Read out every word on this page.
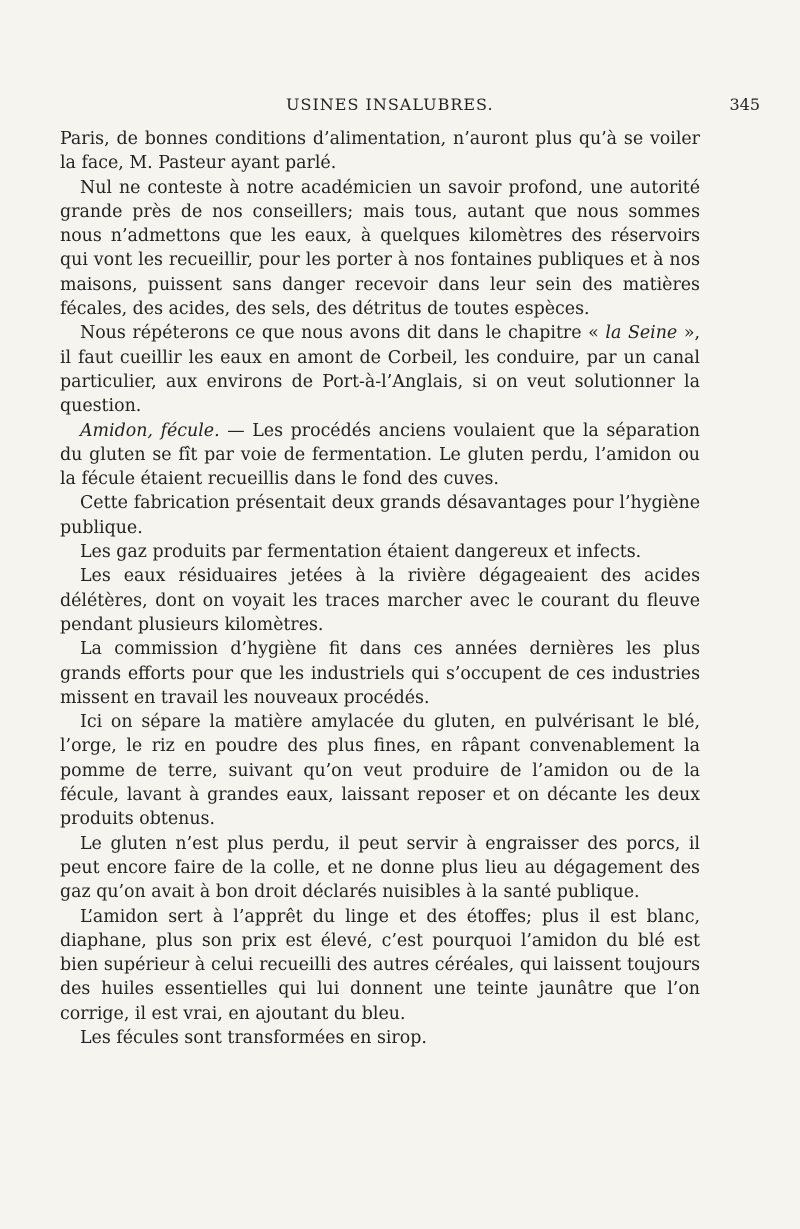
USINES INSALUBRES.	345

Paris, de bonnes conditions d’alimentation, n’auront plus qu’à se voiler la face, M. Pasteur ayant parlé.

Nul ne conteste à notre académicien un savoir profond, une autorité grande près de nos conseillers; mais tous, autant que nous sommes nous n’admettons que les eaux, à quelques kilomètres des réservoirs qui vont les recueillir, pour les porter à nos fontaines publiques et à nos maisons, puissent sans danger recevoir dans leur sein des matières fécales, des acides, des sels, des détritus de toutes espèces.

Nous répéterons ce que nous avons dit dans le chapitre « la Seine », il faut cueillir les eaux en amont de Corbeil, les conduire, par un canal particulier, aux environs de Port-à-l’Anglais, si on veut solutionner la question.

Amidon, fécule. — Les procédés anciens voulaient que la séparation du gluten se fît par voie de fermentation. Le gluten perdu, l’amidon ou la fécule étaient recueillis dans le fond des cuves.

Cette fabrication présentait deux grands désavantages pour l’hygiène publique.

Les gaz produits par fermentation étaient dangereux et infects.

Les eaux résiduaires jetées à la rivière dégageaient des acides délétères, dont on voyait les traces marcher avec le courant du fleuve pendant plusieurs kilomètres.

La commission d’hygiène fit dans ces années dernières les plus grands efforts pour que les industriels qui s’occupent de ces industries missent en travail les nouveaux procédés.

Ici on sépare la matière amylacée du gluten, en pulvérisant le blé, l’orge, le riz en poudre des plus fines, en râpant convenablement la pomme de terre, suivant qu’on veut produire de l’amidon ou de la fécule, lavant à grandes eaux, laissant reposer et on décante les deux produits obtenus.

Le gluten n’est plus perdu, il peut servir à engraisser des porcs, il peut encore faire de la colle, et ne donne plus lieu au dégagement des gaz qu’on avait à bon droit déclarés nuisibles à la santé publique.

L’amidon sert à l’apprêt du linge et des étoffes; plus il est blanc, diaphane, plus son prix est élevé, c’est pourquoi l’amidon du blé est bien supérieur à celui recueilli des autres céréales, qui laissent toujours des huiles essentielles qui lui donnent une teinte jaunâtre que l’on corrige, il est vrai, en ajoutant du bleu.

Les fécules sont transformées en sirop.
